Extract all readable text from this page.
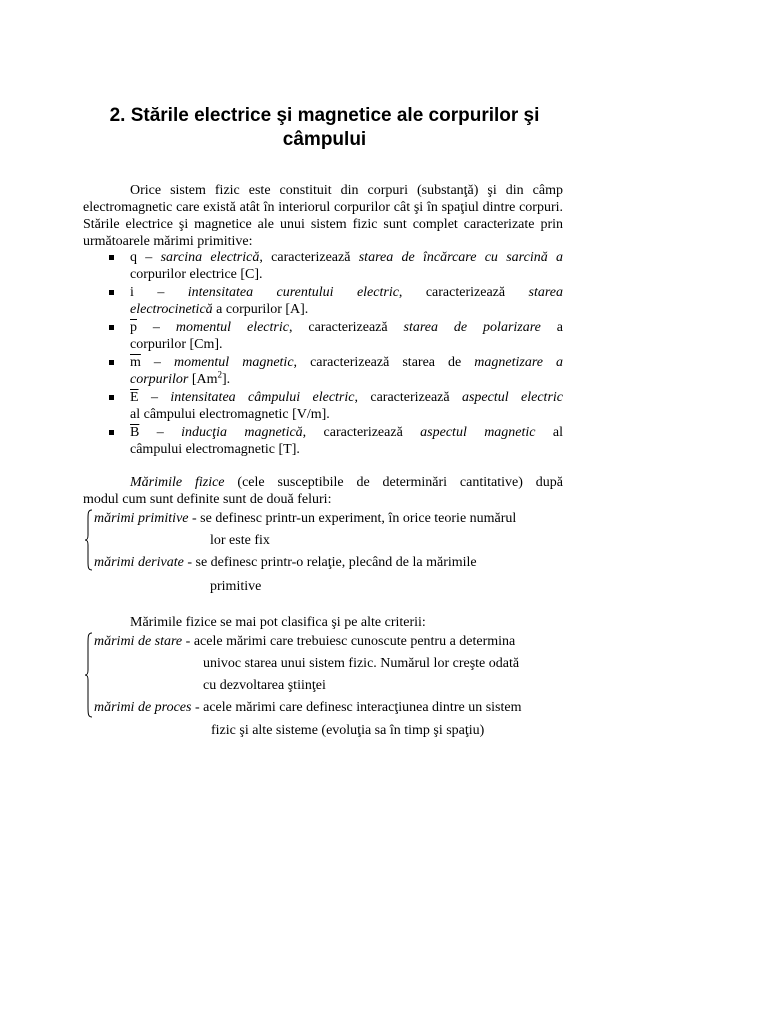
2. Stările electrice şi magnetice ale corpurilor şi
câmpului

Orice sistem fizic este constituit din corpuri (substanţă) şi din câmp electromagnetic care există atât în interiorul corpurilor cât şi în spaţiul dintre corpuri. Stările electrice şi magnetice ale unui sistem fizic sunt complet caracterizate prin următoarele mărimi primitive:

q – sarcina electrică, caracterizează starea de încărcare cu sarcină a
corpurilor electrice [C].
i – intensitatea curentului electric, caracterizează starea
electrocinetică a corpurilor [A].
$\overline{p}$ – momentul electric, caracterizează starea de polarizare a
corpurilor [Cm].
$\overline{m}$ – momentul magnetic, caracterizează starea de magnetizare a
corpurilor [Am$^2$].
$\overline{E}$ – intensitatea câmpului electric, caracterizează aspectul electric
al câmpului electromagnetic [V/m].
$\overline{B}$ – inducţia magnetică, caracterizează aspectul magnetic al
câmpului electromagnetic [T].
Mărimile fizice (cele susceptibile de determinări cantitative) după
modul cum sunt definite sunt de două feluri:
mărimi primitive - se definesc printr-un experiment, în orice teorie numărul
lor este fix
mărimi derivate - se definesc printr-o relaţie, plecând de la mărimile
primitive
Mărimile fizice se mai pot clasifica şi pe alte criterii:
mărimi de stare - acele mărimi care trebuiesc cunoscute pentru a determina
univoc starea unui sistem fizic. Numărul lor creşte odată
cu dezvoltarea ştiinţei
mărimi de proces - acele mărimi care definesc interacţiunea dintre un sistem
fizic şi alte sisteme (evoluţia sa în timp şi spaţiu)
